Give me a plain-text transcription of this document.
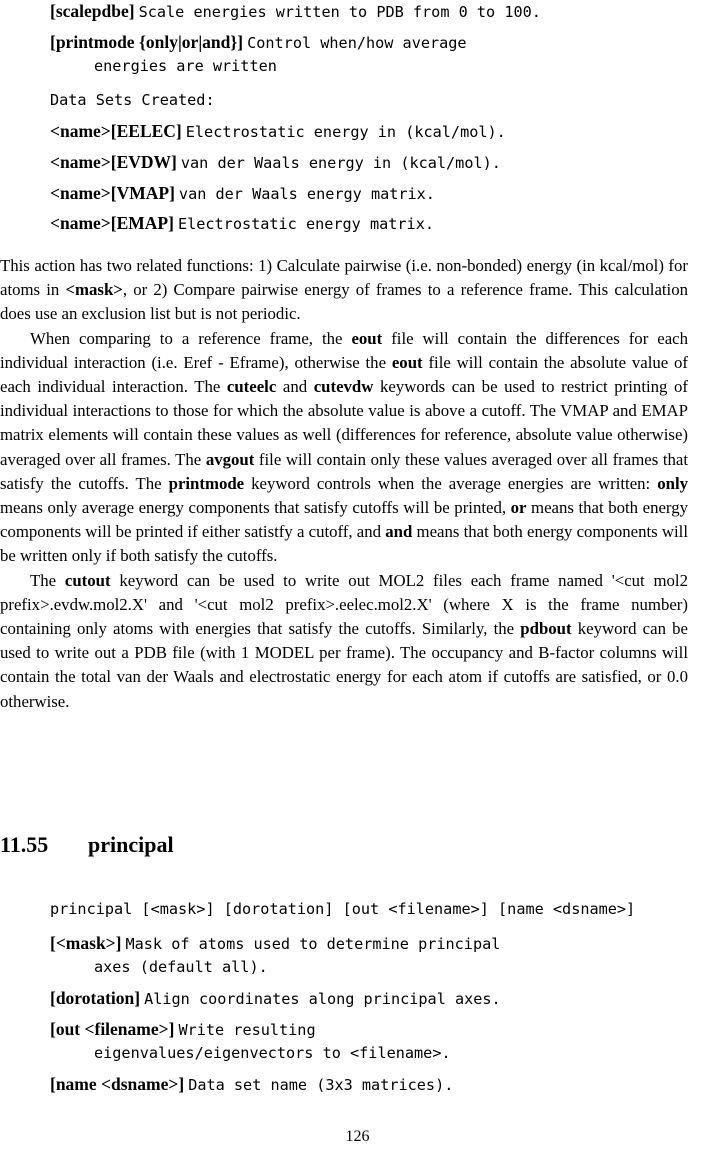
[scalepdbe] Scale energies written to PDB from 0 to 100.
[printmode {only|or|and}] Control when/how average
energies are written
Data Sets Created:
<name>[EELEC] Electrostatic energy in (kcal/mol).
<name>[EVDW] van der Waals energy in (kcal/mol).
<name>[VMAP] van der Waals energy matrix.
<name>[EMAP] Electrostatic energy matrix.

This action has two related functions: 1) Calculate pairwise (i.e. non-bonded) energy (in kcal/mol) for atoms in <mask>, or 2) Compare pairwise energy of frames to a reference frame. This calculation does use an exclusion list but is not periodic.

When comparing to a reference frame, the eout file will contain the differences for each individual interaction (i.e. Eref - Eframe), otherwise the eout file will contain the absolute value of each individual interaction. The cuteelc and cutevdw keywords can be used to restrict printing of individual interactions to those for which the absolute value is above a cutoff. The VMAP and EMAP matrix elements will contain these values as well (differences for reference, absolute value otherwise) averaged over all frames. The avgout file will contain only these values averaged over all frames that satisfy the cutoffs. The printmode keyword controls when the average energies are written: only means only average energy components that satisfy cutoffs will be printed, or means that both energy components will be printed if either satistfy a cutoff, and and means that both energy components will be written only if both satisfy the cutoffs.

The cutout keyword can be used to write out MOL2 files each frame named '<cut mol2 prefix>.evdw.mol2.X' and '<cut mol2 prefix>.eelec.mol2.X' (where X is the frame number) containing only atoms with energies that satisfy the cutoffs. Similarly, the pdbout keyword can be used to write out a PDB file (with 1 MODEL per frame). The occupancy and B-factor columns will contain the total van der Waals and electrostatic energy for each atom if cutoffs are satisfied, or 0.0 otherwise.

11.55 principal
principal [<mask>] [dorotation] [out <filename>] [name <dsname>]
[<mask>] Mask of atoms used to determine principal
axes (default all).
[dorotation] Align coordinates along principal axes.
[out <filename>] Write resulting
eigenvalues/eigenvectors to <filename>.
[name <dsname>] Data set name (3x3 matrices).
126
